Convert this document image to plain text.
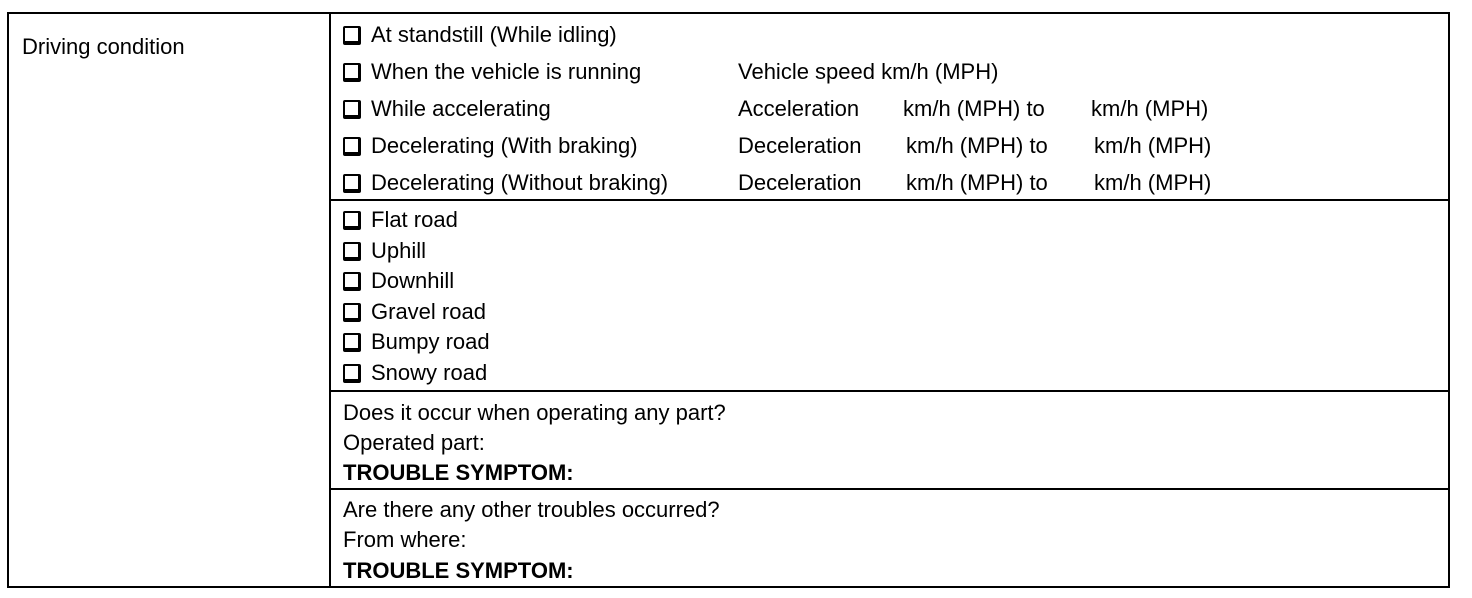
Driving condition	At standstill (While idling)
When the vehicle is running	Vehicle speed km/h (MPH)
While accelerating	Acceleration km/h (MPH) to km/h (MPH)
Decelerating (With braking)	Deceleration km/h (MPH) to km/h (MPH)
Decelerating (Without braking)	Deceleration km/h (MPH) to km/h (MPH)
Flat road
Uphill
Downhill
Gravel road
Bumpy road
Snowy road
Does it occur when operating any part?
Operated part:
TROUBLE SYMPTOM:
Are there any other troubles occurred?
From where:
TROUBLE SYMPTOM:
